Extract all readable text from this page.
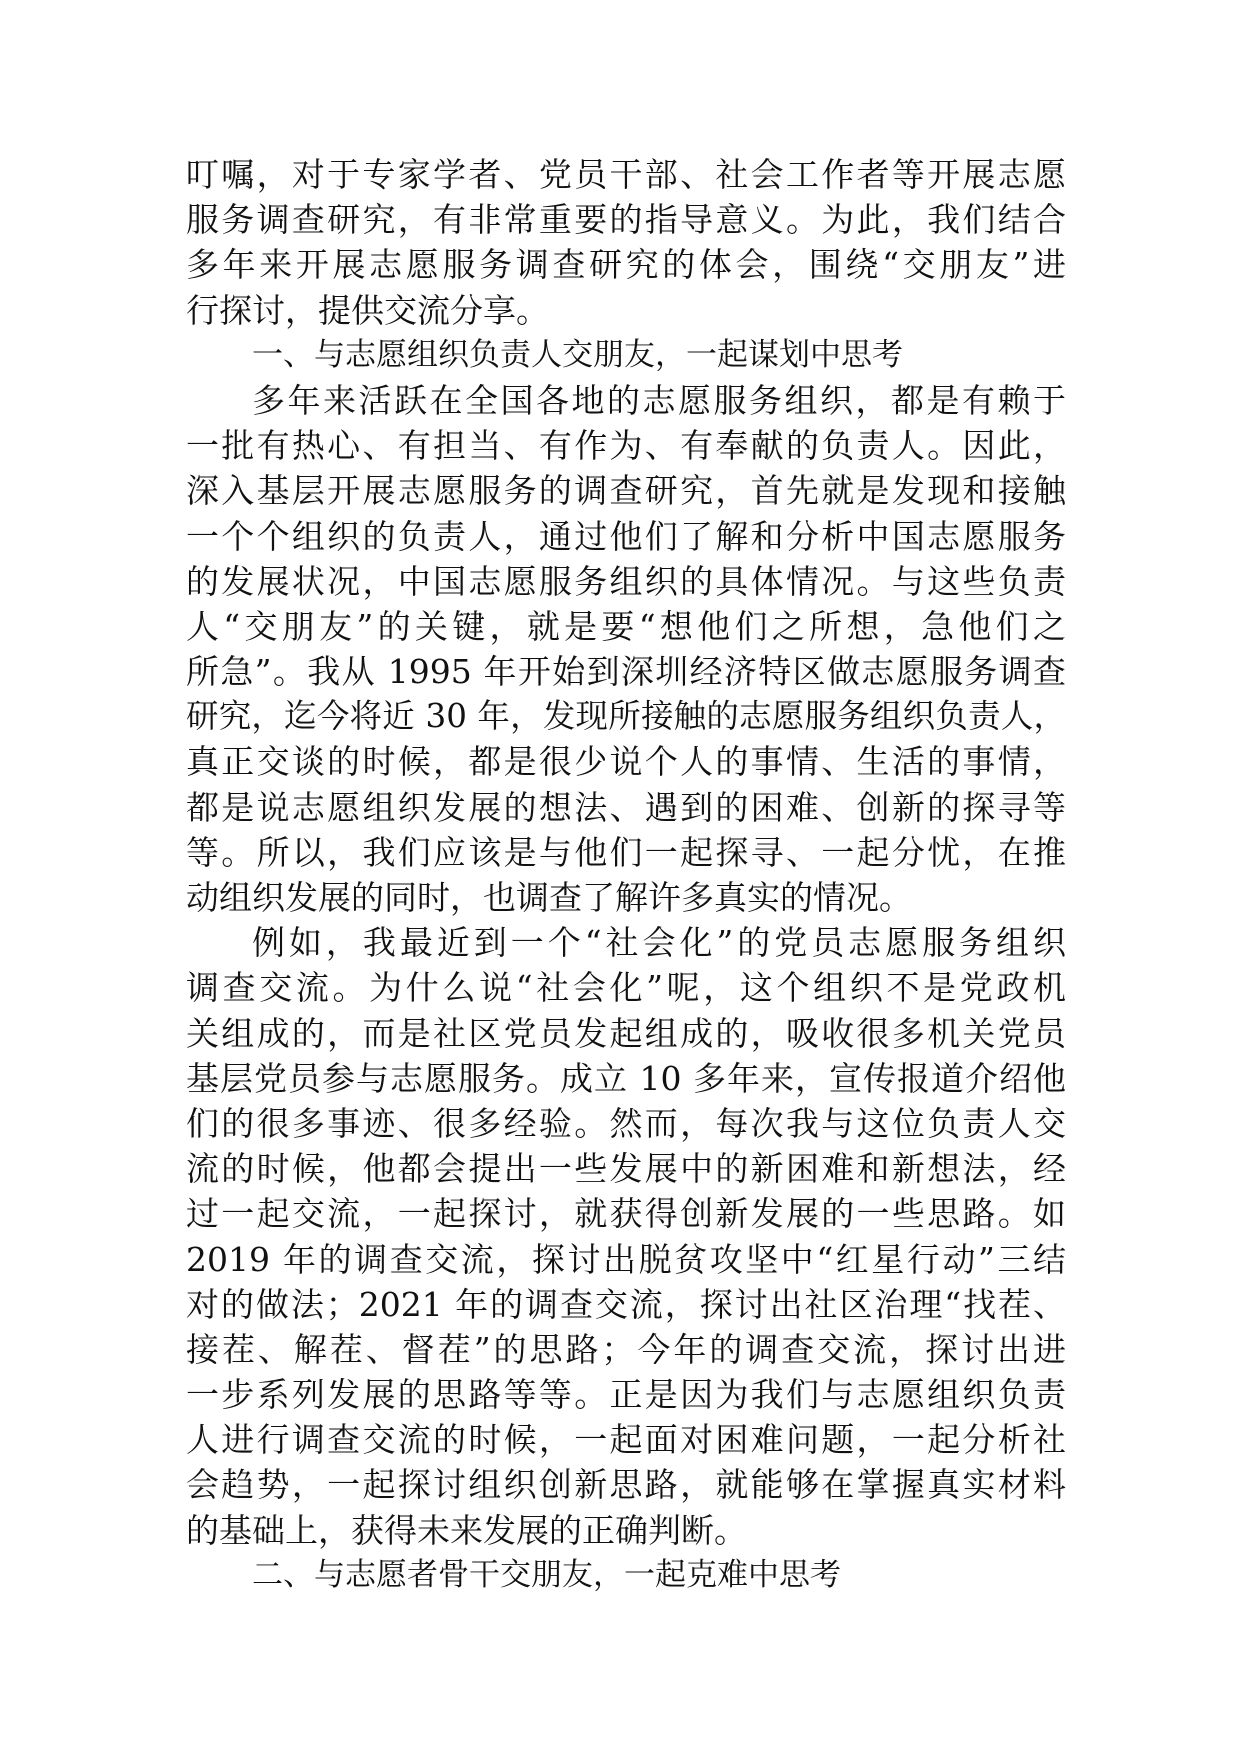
叮嘱，对于专家学者、党员干部、社会工作者等开展志愿
服务调查研究，有非常重要的指导意义。为此，我们结合
多年来开展志愿服务调查研究的体会，围绕“交朋友”进
行探讨，提供交流分享。
一、与志愿组织负责人交朋友，一起谋划中思考
多年来活跃在全国各地的志愿服务组织，都是有赖于
一批有热心、有担当、有作为、有奉献的负责人。因此，
深入基层开展志愿服务的调查研究，首先就是发现和接触
一个个组织的负责人，通过他们了解和分析中国志愿服务
的发展状况，中国志愿服务组织的具体情况。与这些负责
人“交朋友”的关键，就是要“想他们之所想，急他们之
所急”。我从 1995 年开始到深圳经济特区做志愿服务调查
研究，迄今将近 30 年，发现所接触的志愿服务组织负责人，
真正交谈的时候，都是很少说个人的事情、生活的事情，
都是说志愿组织发展的想法、遇到的困难、创新的探寻等
等。所以，我们应该是与他们一起探寻、一起分忧，在推
动组织发展的同时，也调查了解许多真实的情况。
例如，我最近到一个“社会化”的党员志愿服务组织
调查交流。为什么说“社会化”呢，这个组织不是党政机
关组成的，而是社区党员发起组成的，吸收很多机关党员
基层党员参与志愿服务。成立 10 多年来，宣传报道介绍他
们的很多事迹、很多经验。然而，每次我与这位负责人交
流的时候，他都会提出一些发展中的新困难和新想法，经
过一起交流，一起探讨，就获得创新发展的一些思路。如
2019 年的调查交流，探讨出脱贫攻坚中“红星行动”三结
对的做法；2021 年的调查交流，探讨出社区治理“找茬、
接茬、解茬、督茬”的思路；今年的调查交流，探讨出进
一步系列发展的思路等等。正是因为我们与志愿组织负责
人进行调查交流的时候，一起面对困难问题，一起分析社
会趋势，一起探讨组织创新思路，就能够在掌握真实材料
的基础上，获得未来发展的正确判断。
二、与志愿者骨干交朋友，一起克难中思考
